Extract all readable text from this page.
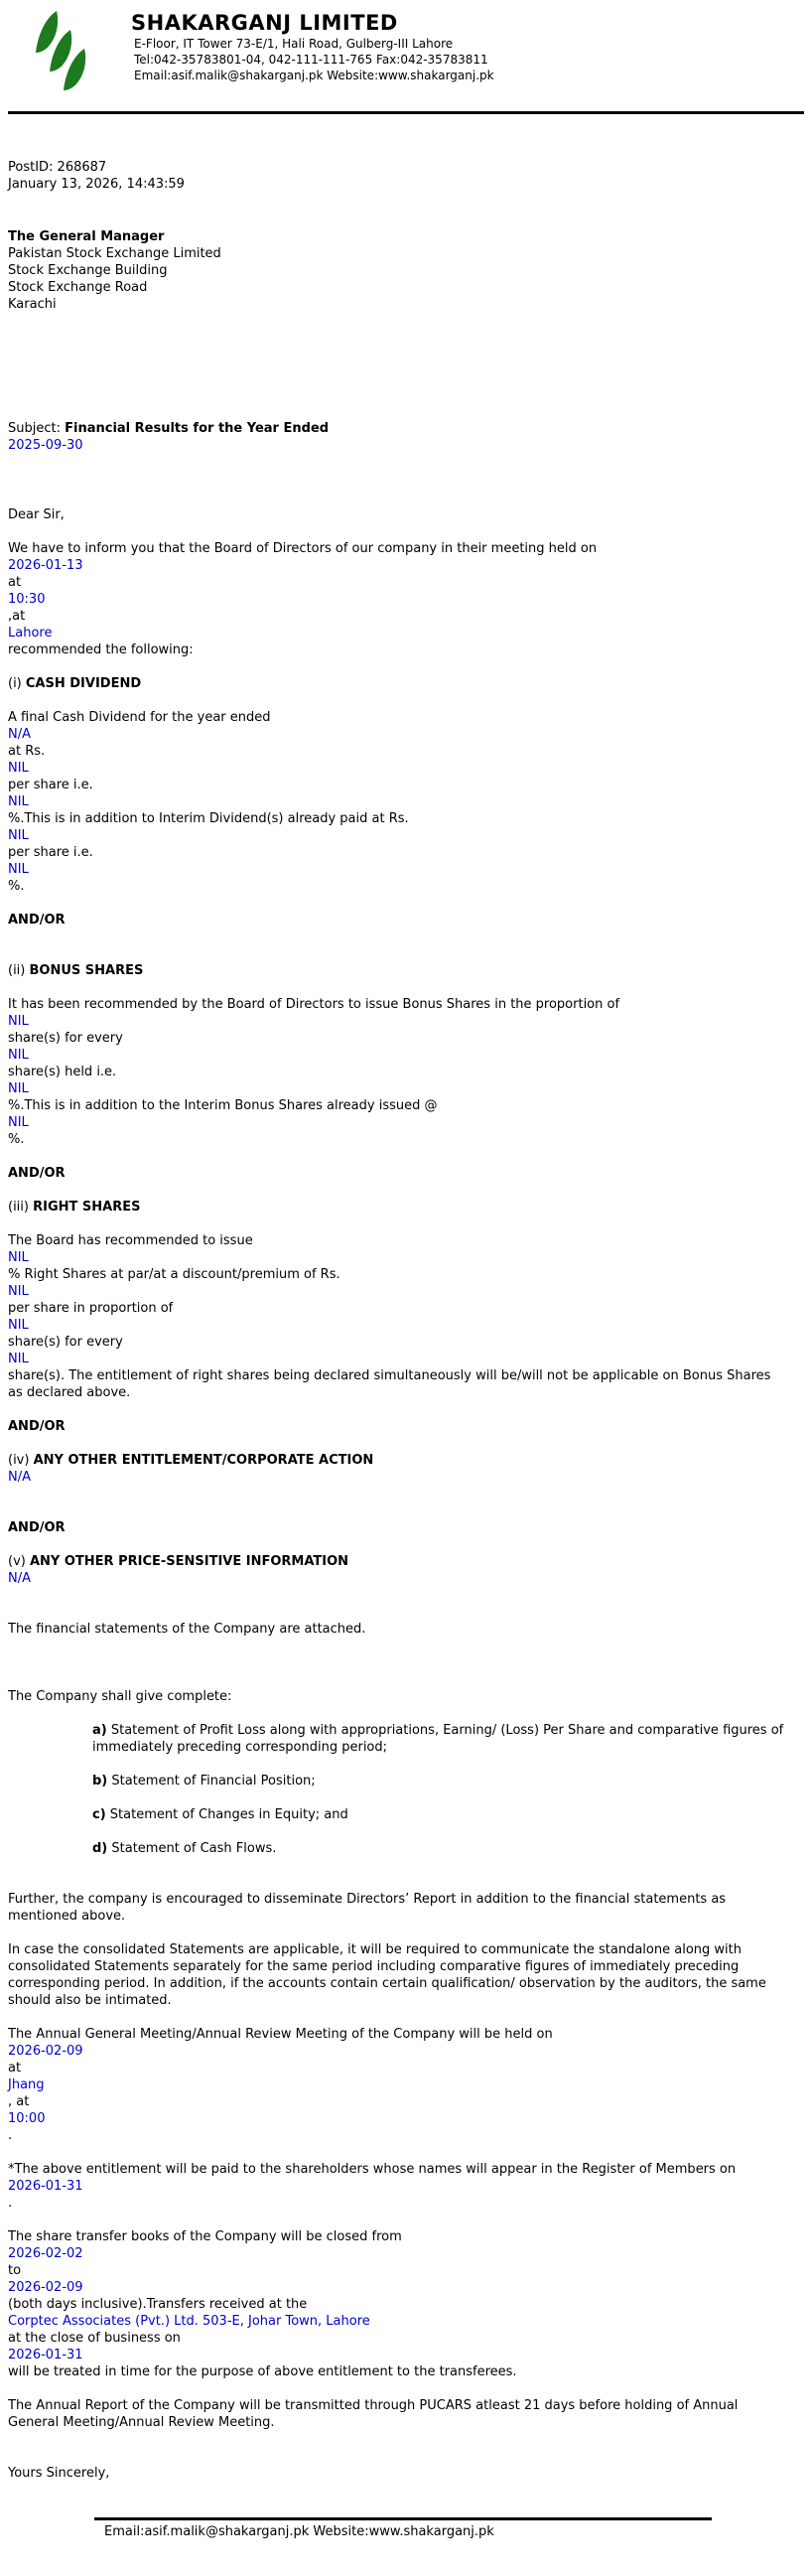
SHAKARGANJ LIMITED
E-Floor, IT Tower 73-E/1, Hali Road, Gulberg-III Lahore
Tel:042-35783801-04, 042-111-111-765 Fax:042-35783811
Email:asif.malik@shakarganj.pk Website:www.shakarganj.pk
PostID: 268687
January 13, 2026, 14:43:59
The General Manager
Pakistan Stock Exchange Limited
Stock Exchange Building
Stock Exchange Road
Karachi
Subject: Financial Results for the Year Ended
2025-09-30
Dear Sir,
We have to inform you that the Board of Directors of our company in their meeting held on
2026-01-13
at
10:30
,at
Lahore
recommended the following:
(i) CASH DIVIDEND
A final Cash Dividend for the year ended
N/A
at Rs.
NIL
per share i.e.
NIL
%.This is in addition to Interim Dividend(s) already paid at Rs.
NIL
per share i.e.
NIL
%.
AND/OR
(ii) BONUS SHARES
It has been recommended by the Board of Directors to issue Bonus Shares in the proportion of
NIL
share(s) for every
NIL
share(s) held i.e.
NIL
%.This is in addition to the Interim Bonus Shares already issued @
NIL
%.
AND/OR
(iii) RIGHT SHARES
The Board has recommended to issue
NIL
% Right Shares at par/at a discount/premium of Rs.
NIL
per share in proportion of
NIL
share(s) for every
NIL
share(s). The entitlement of right shares being declared simultaneously will be/will not be applicable on Bonus Shares as declared above.
AND/OR
(iv) ANY OTHER ENTITLEMENT/CORPORATE ACTION
N/A
AND/OR
(v) ANY OTHER PRICE-SENSITIVE INFORMATION
N/A
The financial statements of the Company are attached.
The Company shall give complete:
a) Statement of Profit Loss along with appropriations, Earning/ (Loss) Per Share and comparative figures of immediately preceding corresponding period;
b) Statement of Financial Position;
c) Statement of Changes in Equity; and
d) Statement of Cash Flows.
Further, the company is encouraged to disseminate Directors’ Report in addition to the financial statements as mentioned above.
In case the consolidated Statements are applicable, it will be required to communicate the standalone along with consolidated Statements separately for the same period including comparative figures of immediately preceding corresponding period. In addition, if the accounts contain certain qualification/ observation by the auditors, the same should also be intimated.
The Annual General Meeting/Annual Review Meeting of the Company will be held on
2026-02-09
at
Jhang
, at
10:00
.
*The above entitlement will be paid to the shareholders whose names will appear in the Register of Members on
2026-01-31
.
The share transfer books of the Company will be closed from
2026-02-02
to
2026-02-09
(both days inclusive).Transfers received at the
Corptec Associates (Pvt.) Ltd. 503-E, Johar Town, Lahore
at the close of business on
2026-01-31
will be treated in time for the purpose of above entitlement to the transferees.
The Annual Report of the Company will be transmitted through PUCARS atleast 21 days before holding of Annual General Meeting/Annual Review Meeting.
Yours Sincerely,
Email:asif.malik@shakarganj.pk Website:www.shakarganj.pk
